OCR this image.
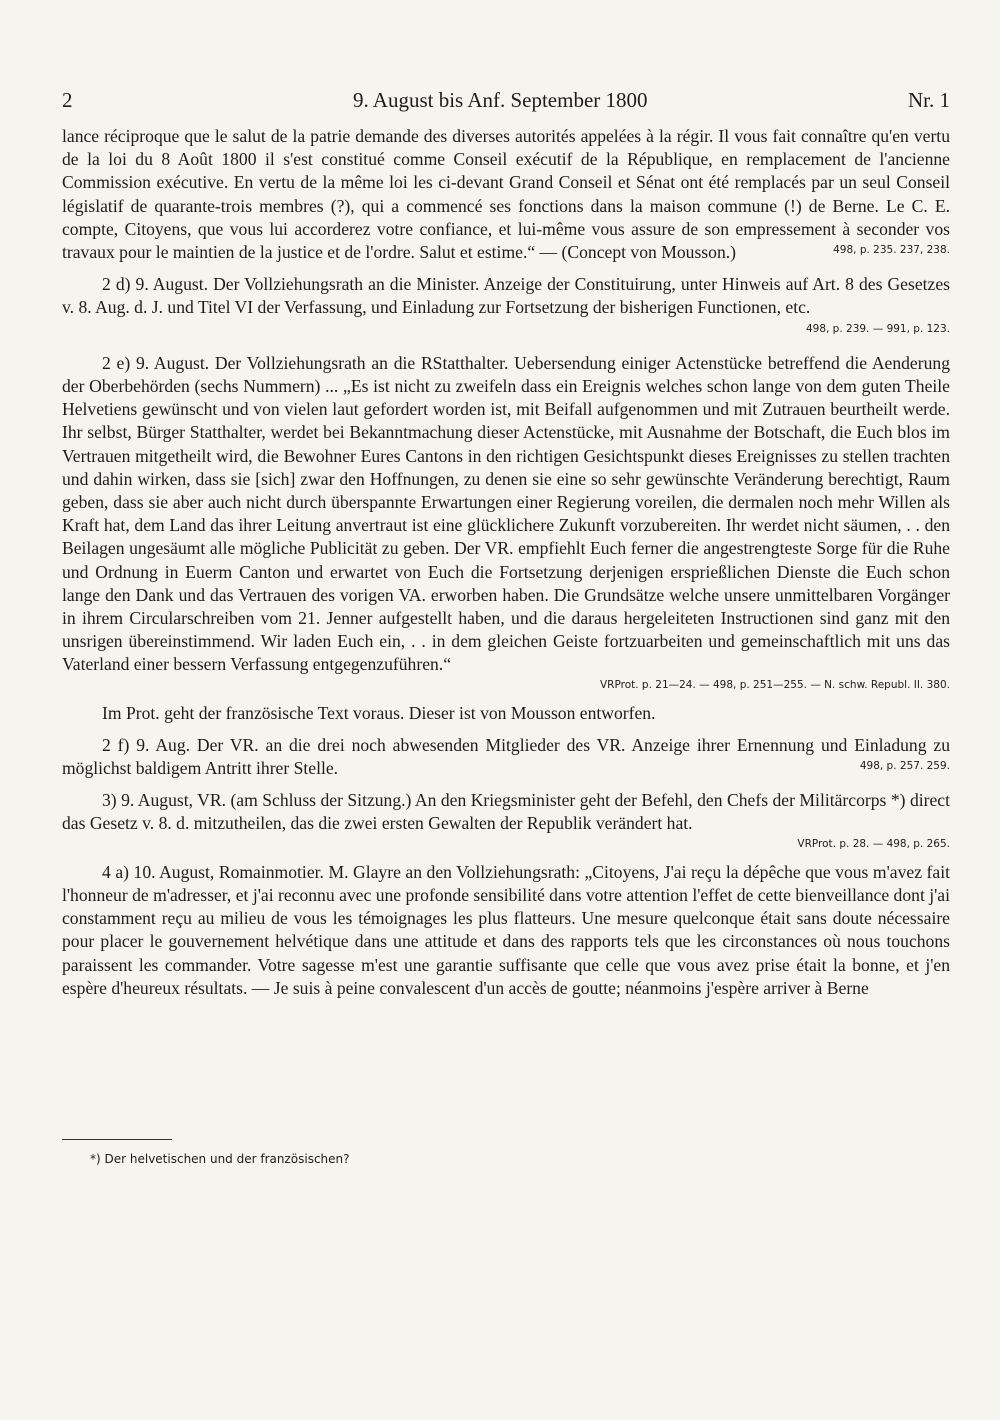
2	9. August bis Anf. September 1800	Nr. 1

lance réciproque que le salut de la patrie demande des diverses autorités appelées à la régir. Il vous fait connaître qu'en vertu de la loi du 8 Août 1800 il s'est constitué comme Conseil exécutif de la République, en remplacement de l'ancienne Commission exécutive. En vertu de la même loi les ci-devant Grand Conseil et Sénat ont été remplacés par un seul Conseil législatif de quarante-trois membres (?), qui a commencé ses fonctions dans la maison commune (!) de Berne. Le C. E. compte, Citoyens, que vous lui accorderez votre confiance, et lui-même vous assure de son empressement à seconder vos travaux pour le maintien de la justice et de l'ordre. Salut et estime.“ — (Concept von Mousson.)	498, p. 235. 237, 238.

2 d) 9. August. Der Vollziehungsrath an die Minister. Anzeige der Constituirung, unter Hinweis auf Art. 8 des Gesetzes v. 8. Aug. d. J. und Titel VI der Verfassung, und Einladung zur Fortsetzung der bisherigen Functionen, etc.
498, p. 239. — 991, p. 123.

2 e) 9. August. Der Vollziehungsrath an die RStatthalter. Uebersendung einiger Actenstücke betreffend die Aenderung der Oberbehörden (sechs Nummern) ... „Es ist nicht zu zweifeln dass ein Ereignis welches schon lange von dem guten Theile Helvetiens gewünscht und von vielen laut gefordert worden ist, mit Beifall aufgenommen und mit Zutrauen beurtheilt werde. Ihr selbst, Bürger Statthalter, werdet bei Bekanntmachung dieser Actenstücke, mit Ausnahme der Botschaft, die Euch blos im Vertrauen mitgetheilt wird, die Bewohner Eures Cantons in den richtigen Gesichtspunkt dieses Ereignisses zu stellen trachten und dahin wirken, dass sie [sich] zwar den Hoffnungen, zu denen sie eine so sehr gewünschte Veränderung berechtigt, Raum geben, dass sie aber auch nicht durch überspannte Erwartungen einer Regierung voreilen, die dermalen noch mehr Willen als Kraft hat, dem Land das ihrer Leitung anvertraut ist eine glücklichere Zukunft vorzubereiten. Ihr werdet nicht säumen, . . den Beilagen ungesäumt alle mögliche Publicität zu geben. Der VR. empfiehlt Euch ferner die angestrengteste Sorge für die Ruhe und Ordnung in Euerm Canton und erwartet von Euch die Fortsetzung derjenigen ersprießlichen Dienste die Euch schon lange den Dank und das Vertrauen des vorigen VA. erworben haben. Die Grundsätze welche unsere unmittelbaren Vorgänger in ihrem Circularschreiben vom 21. Jenner aufgestellt haben, und die daraus hergeleiteten Instructionen sind ganz mit den unsrigen übereinstimmend. Wir laden Euch ein, . . in dem gleichen Geiste fortzuarbeiten und gemeinschaftlich mit uns das Vaterland einer bessern Verfassung entgegenzuführen.“

VRProt. p. 21—24. — 498, p. 251—255. — N. schw. Republ. II. 380.

Im Prot. geht der französische Text voraus. Dieser ist von Mousson entworfen.

2 f) 9. Aug. Der VR. an die drei noch abwesenden Mitglieder des VR. Anzeige ihrer Ernennung und Einladung zu möglichst baldigem Antritt ihrer Stelle.	498, p. 257. 259.

3) 9. August, VR. (am Schluss der Sitzung.) An den Kriegsminister geht der Befehl, den Chefs der Militärcorps *) direct das Gesetz v. 8. d. mitzutheilen, das die zwei ersten Gewalten der Republik verändert hat.

VRProt. p. 28. — 498, p. 265.

4 a) 10. August, Romainmotier. M. Glayre an den Vollziehungsrath: „Citoyens, J'ai reçu la dépêche que vous m'avez fait l'honneur de m'adresser, et j'ai reconnu avec une profonde sensibilité dans votre attention l'effet de cette bienveillance dont j'ai constamment reçu au milieu de vous les témoignages les plus flatteurs. Une mesure quelconque était sans doute nécessaire pour placer le gouvernement helvétique dans une attitude et dans des rapports tels que les circonstances où nous touchons paraissent les commander. Votre sagesse m'est une garantie suffisante que celle que vous avez prise était la bonne, et j'en espère d'heureux résultats. — Je suis à peine convalescent d'un accès de goutte; néanmoins j'espère arriver à Berne

*) Der helvetischen und der französischen?
